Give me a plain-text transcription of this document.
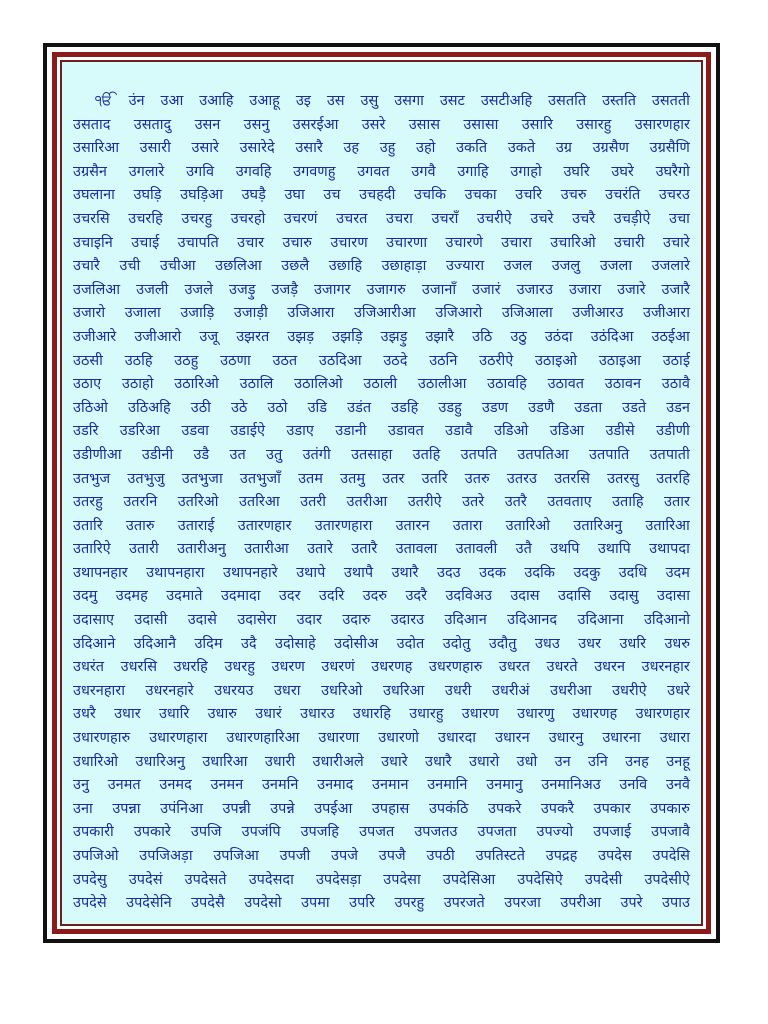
ੴ उंन उआ उआहि उआहू उइ उस उसु उसगा उसट उसटीअहि उसतति उस्तति उसतती
उसताद उसतादु उसन उसनु उसरईआ उसरे उसास उसासा उसारि उसारहु उसारणहार
उसारिआ उसारी उसारे उसारेदे उसारै उह उहु उहो उकति उकते उग्र उग्रसैण उग्रसैणि
उग्रसैन उगलारे उगवि उगवहि उगवणहु उगवत उगवै उगाहि उगाहो उघरि उघरे उघरैगो
उघलाना उघड़ि उघड़िआ उघड़ै उघा उच उचहदी उचकि उचका उचरि उचरु उचरंति उचरउ
उचरसि उचरहि उचरहु उचरहो उचरणं उचरत उचरा उचराँ उचरीऐ उचरे उचरै उचड़ीऐ उचा
उचाइनि उचाई उचापति उचार उचारु उचारण उचारणा उचारणे उचारा उचारिओ उचारी उचारे
उचारै उची उचीआ उछलिआ उछलै उछाहि उछाहाड़ा उज्यारा उजल उजलु उजला उजलारे
उजलिआ उजली उजले उजड़ु उजड़ै उजागर उजागरु उजानाँ उजारं उजारउ उजारा उजारे उजारै
उजारो उजाला उजाड़ि उजाड़ी उजिआरा उजिआरीआ उजिआरो उजिआला उजीआरउ उजीआरा
उजीआरे उजीआरो उजू उझरत उझड़ उझड़ि उझड़ु उझारै उठि उठु उठंदा उठंदिआ उठईआ
उठसी उठहि उठहु उठणा उठत उठदिआ उठदे उठनि उठरीऐ उठाइओ उठाइआ उठाई
उठाए उठाहो उठारिओ उठालि उठालिओ उठाली उठालीआ उठावहि उठावत उठावन उठावै
उठिओ उठिअहि उठी उठे उठो उडि उडंत उडहि उडहु उडण उडणै उडता उडते उडन
उडरि उडरिआ उडवा उडाईऐ उडाए उडानी उडावत उडावै उडिओ उडिआ उडीसे उडीणी
उडीणीआ उडीनी उडै उत उतु उतंगी उतसाहा उतहि उतपति उतपतिआ उतपाति उतपाती
उतभुज उतभुजु उतभुजा उतभुजाँ उतम उतमु उतर उतरि उतरु उतरउ उतरसि उतरसु उतरहि
उतरहु उतरनि उतरिओ उतरिआ उतरी उतरीआ उतरीऐ उतरे उतरै उतवताए उताहि उतार
उतारि उतारु उताराई उतारणहार उतारणहारा उतारन उतारा उतारिओ उतारिअनु उतारिआ
उतारिऐ उतारी उतारीअनु उतारीआ उतारे उतारै उतावला उतावली उतै उथपि उथापि उथापदा
उथापनहार उथापनहारा उथापनहारे उथापे उथापै उथारै उदउ उदक उदकि उदकु उदधि उदम
उदमु उदमह उदमाते उदमादा उदर उदरि उदरु उदरै उदविअउ उदास उदासि उदासु उदासा
उदासाए उदासी उदासे उदासेरा उदार उदारु उदारउ उदिआन उदिआनद उदिआना उदिआनो
उदिआने उदिआनै उदिम उदै उदोसाहे उदोसीअ उदोत उदोतु उदौतु उधउ उधर उधरि उधरु
उधरंत उधरसि उधरहि उधरहु उधरण उधरणं उधरणह उधरणहारु उधरत उधरते उधरन उधरनहार
उधरनहारा उधरनहारे उधरयउ उधरा उधरिओ उधरिआ उधरी उधरीअं उधरीआ उधरीऐ उधरे
उधरै उधार उधारि उधारु उधारं उधारउ उधारहि उधारहु उधारण उधारणु उधारणह उधारणहार
उधारणहारु उधारणहारा उधारणहारिआ उधारणा उधारणो उधारदा उधारन उधारनु उधारना उधारा
उधारिओ उधारिअनु उधारिआ उधारी उधारीअले उधारे उधारै उधारो उधो उन उनि उनह उनहू
उनु उनमत उनमद उनमन उनमनि उनमाद उनमान उनमानि उनमानु उनमानिअउ उनवि उनवै
उना उपन्ना उपंनिआ उपन्नी उपन्ने उपईआ उपहास उपकंठि उपकरे उपकरै उपकार उपकारु
उपकारी उपकारे उपजि उपजंपि उपजहि उपजत उपजतउ उपजता उपज्यो उपजाई उपजावै
उपजिओ उपजिअड़ा उपजिआ उपजी उपजे उपजै उपठी उपतिस्टते उपद्रह उपदेस उपदेसि
उपदेसु उपदेसं उपदेसते उपदेसदा उपदेसड़ा उपदेसा उपदेसिआ उपदेसिऐ उपदेसी उपदेसीऐ
उपदेसे उपदेसेनि उपदेसै उपदेसो उपमा उपरि उपरहु उपरजते उपरजा उपरीआ उपरे उपाउ
